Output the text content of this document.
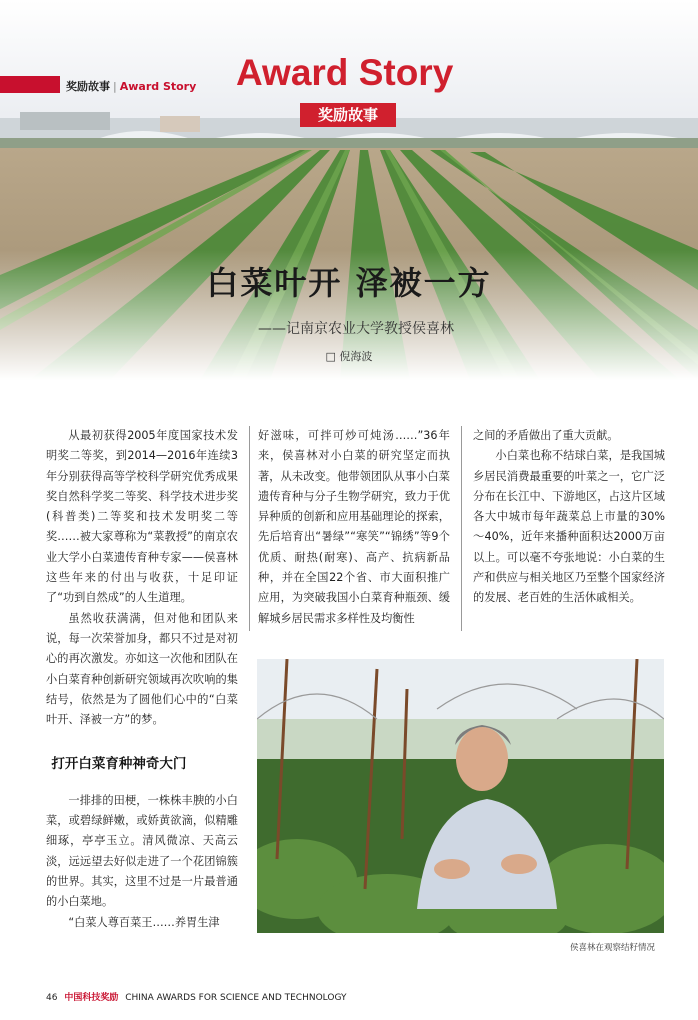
奖励故事 | Award Story Award Story
奖励故事
白菜叶开 泽被一方
——记南京农业大学教授侯喜林
□ 倪海波

从最初获得2005年度国家技术发明奖二等奖，到2014—2016年连续3年分别获得高等学校科学研究优秀成果奖自然科学奖二等奖、科学技术进步奖(科普类)二等奖和技术发明奖二等奖……被大家尊称为“菜教授”的南京农业大学小白菜遗传育种专家——侯喜林这些年来的付出与收获，十足印证了“功到自然成”的人生道理。

虽然收获满满，但对他和团队来说，每一次荣誉加身，都只不过是对初心的再次激发。亦如这一次他和团队在小白菜育种创新研究领域再次吹响的集结号，依然是为了圆他们心中的“白菜叶开、泽被一方”的梦。

打开白菜育种神奇大门

一排排的田梗，一株株丰腴的小白菜，或碧绿鲜嫩，或娇黄欲滴，似精雕细琢，亭亭玉立。清风微凉、天高云淡，远远望去好似走进了一个花团锦簇的世界。其实，这里不过是一片最普通的小白菜地。

“白菜人尊百菜王……养胃生津

好滋味，可拌可炒可炖汤……”36年来，侯喜林对小白菜的研究坚定而执著，从未改变。他带领团队从事小白菜遗传育种与分子生物学研究，致力于优异种质的创新和应用基础理论的探索，先后培育出“暑绿”“寒笑”“锦绣”等9个优质、耐热(耐寒)、高产、抗病新品种，并在全国22个省、市大面积推广应用，为突破我国小白菜育种瓶颈、缓解城乡居民需求多样性及均衡性

之间的矛盾做出了重大贡献。

小白菜也称不结球白菜，是我国城乡居民消费最重要的叶菜之一，它广泛分布在长江中、下游地区，占这片区域各大中城市每年蔬菜总上市量的30%～40%，近年来播种面积达2000万亩以上。可以毫不夸张地说：小白菜的生产和供应与相关地区乃至整个国家经济的发展、老百姓的生活休戚相关。

侯喜林在观察结籽情况
46 中国科技奖励 CHINA AWARDS FOR SCIENCE AND TECHNOLOGY
